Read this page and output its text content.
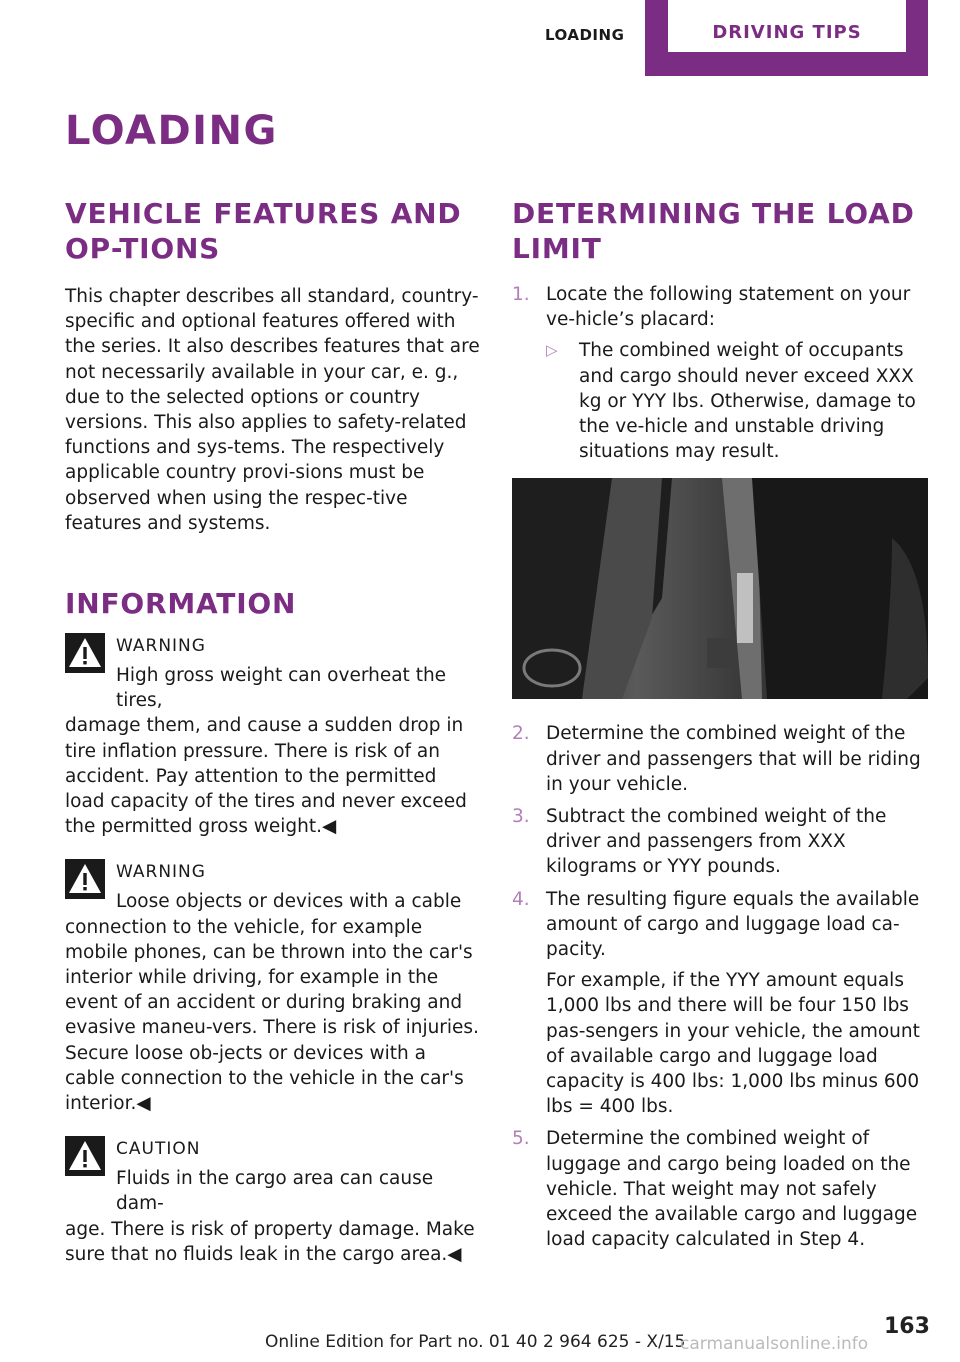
LOADING	DRIVING TIPS
LOADING
VEHICLE FEATURES AND OP‐TIONS

This chapter describes all standard, country-specific and optional features offered with the series. It also describes features that are not necessarily available in your car, e. g., due to the selected options or country versions. This also applies to safety-related functions and sys‐tems. The respectively applicable country provi‐sions must be observed when using the respec‐tive features and systems.

INFORMATION
WARNING

High gross weight can overheat the tires,

damage them, and cause a sudden drop in tire inflation pressure. There is risk of an accident. Pay attention to the permitted load capacity of the tires and never exceed the permitted gross weight.◀

WARNING

Loose objects or devices with a cable

connection to the vehicle, for example mobile phones, can be thrown into the car's interior while driving, for example in the event of an accident or during braking and evasive maneu‐vers. There is risk of injuries. Secure loose ob‐jects or devices with a cable connection to the vehicle in the car's interior.◀

CAUTION

Fluids in the cargo area can cause dam‐

age. There is risk of property damage. Make sure that no fluids leak in the cargo area.◀

DETERMINING THE LOAD LIMIT
1. Locate the following statement on your ve‐hicle’s placard:

▷	The combined weight of occupants and cargo should never exceed XXX kg or YYY lbs. Otherwise, damage to the ve‐hicle and unstable driving situations may result.

2. Determine the combined weight of the driver and passengers that will be riding in your vehicle.

3. Subtract the combined weight of the driver and passengers from XXX kilograms or YYY pounds.

4. The resulting figure equals the available amount of cargo and luggage load ca‐pacity.

For example, if the YYY amount equals 1,000 lbs and there will be four 150 lbs pas‐sengers in your vehicle, the amount of available cargo and luggage load capacity is 400 lbs: 1,000 lbs minus 600 lbs = 400 lbs.

5. Determine the combined weight of luggage and cargo being loaded on the vehicle. That weight may not safely exceed the available cargo and luggage load capacity calculated in Step 4.

Online Edition for Part no. 01 40 2 964 625 - X/15
163
carmanualsonline.info
